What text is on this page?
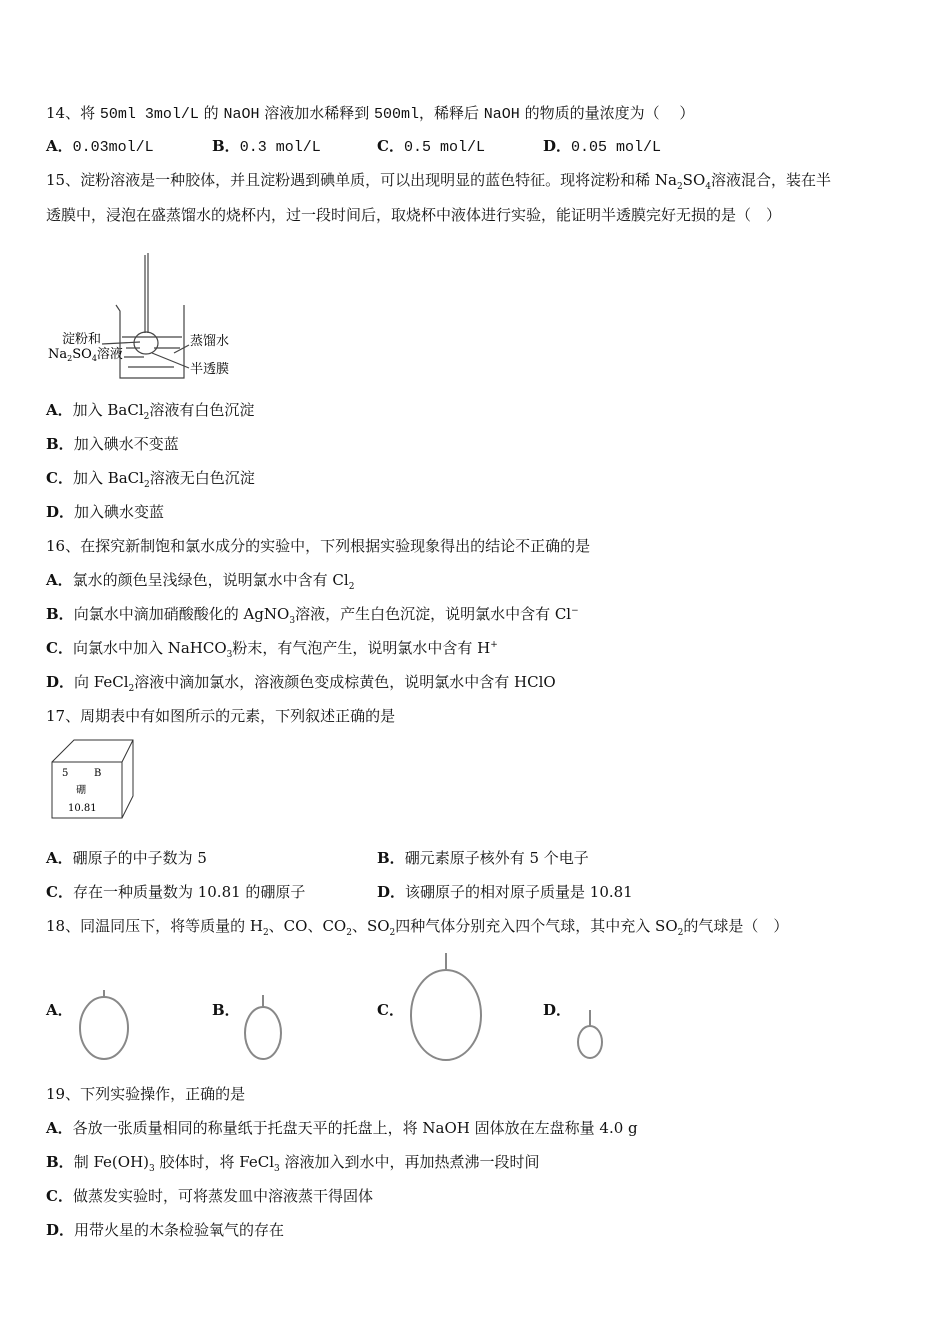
14、将 50ml 3mol/L 的 NaOH 溶液加水稀释到 500ml，稀释后 NaOH 的物质的量浓度为（　 ）
15、淀粉溶液是一种胶体，并且淀粉遇到碘单质，可以出现明显的蓝色特征。现将淀粉和稀 $Na_2SO_4$溶液混合，装在半
透膜中，浸泡在盛蒸馏水的烧杯内，过一段时间后，取烧杯中液体进行实验，能证明半透膜完好无损的是（　）
A．加入 BaCl$_2$溶液有白色沉淀
B．加入碘水不变蓝
C．加入 BaCl$_2$溶液无白色沉淀
D．加入碘水变蓝
16、在探究新制饱和氯水成分的实验中，下列根据实验现象得出的结论不正确的是
A．氯水的颜色呈浅绿色，说明氯水中含有 $Cl_2$
B．向氯水中滴加硝酸酸化的 AgNO$_3$溶液，产生白色沉淀，说明氯水中含有 Cl−
C．向氯水中加入 NaHCO$_3$粉末，有气泡产生，说明氯水中含有 H+
D．向 FeCl$_2$溶液中滴加氯水，溶液颜色变成棕黄色，说明氯水中含有 HClO
17、周期表中有如图所示的元素，下列叙述正确的是
18、同温同压下，将等质量的 $H_2$、CO、$CO_2$、$SO_2$四种气体分别充入四个气球，其中充入 $SO_2$的气球是（　）
19、下列实验操作，正确的是
A．各放一张质量相同的称量纸于托盘天平的托盘上，将 NaOH 固体放在左盘称量 4.0 g
B．制 $Fe(OH)_3$ 胶体时，将 FeCl$_3$ 溶液加入到水中，再加热煮沸一段时间
C．做蒸发实验时，可将蒸发皿中溶液蒸干得固体
D．用带火星的木条检验氧气的存在
A．0.03mol/L	B．0.3 mol/L	C．0.5 mol/L	D．0.05 mol/L
淀粉和
$Na_2SO_4$溶液
蒸馏水
半透膜
5	B
硼
10.81
A．硼原子的中子数为 5	B．硼元素原子核外有 5 个电子
C．存在一种质量数为 10.81 的硼原子	D．该硼原子的相对原子质量是 10.81
A．	B．	C．	D．
